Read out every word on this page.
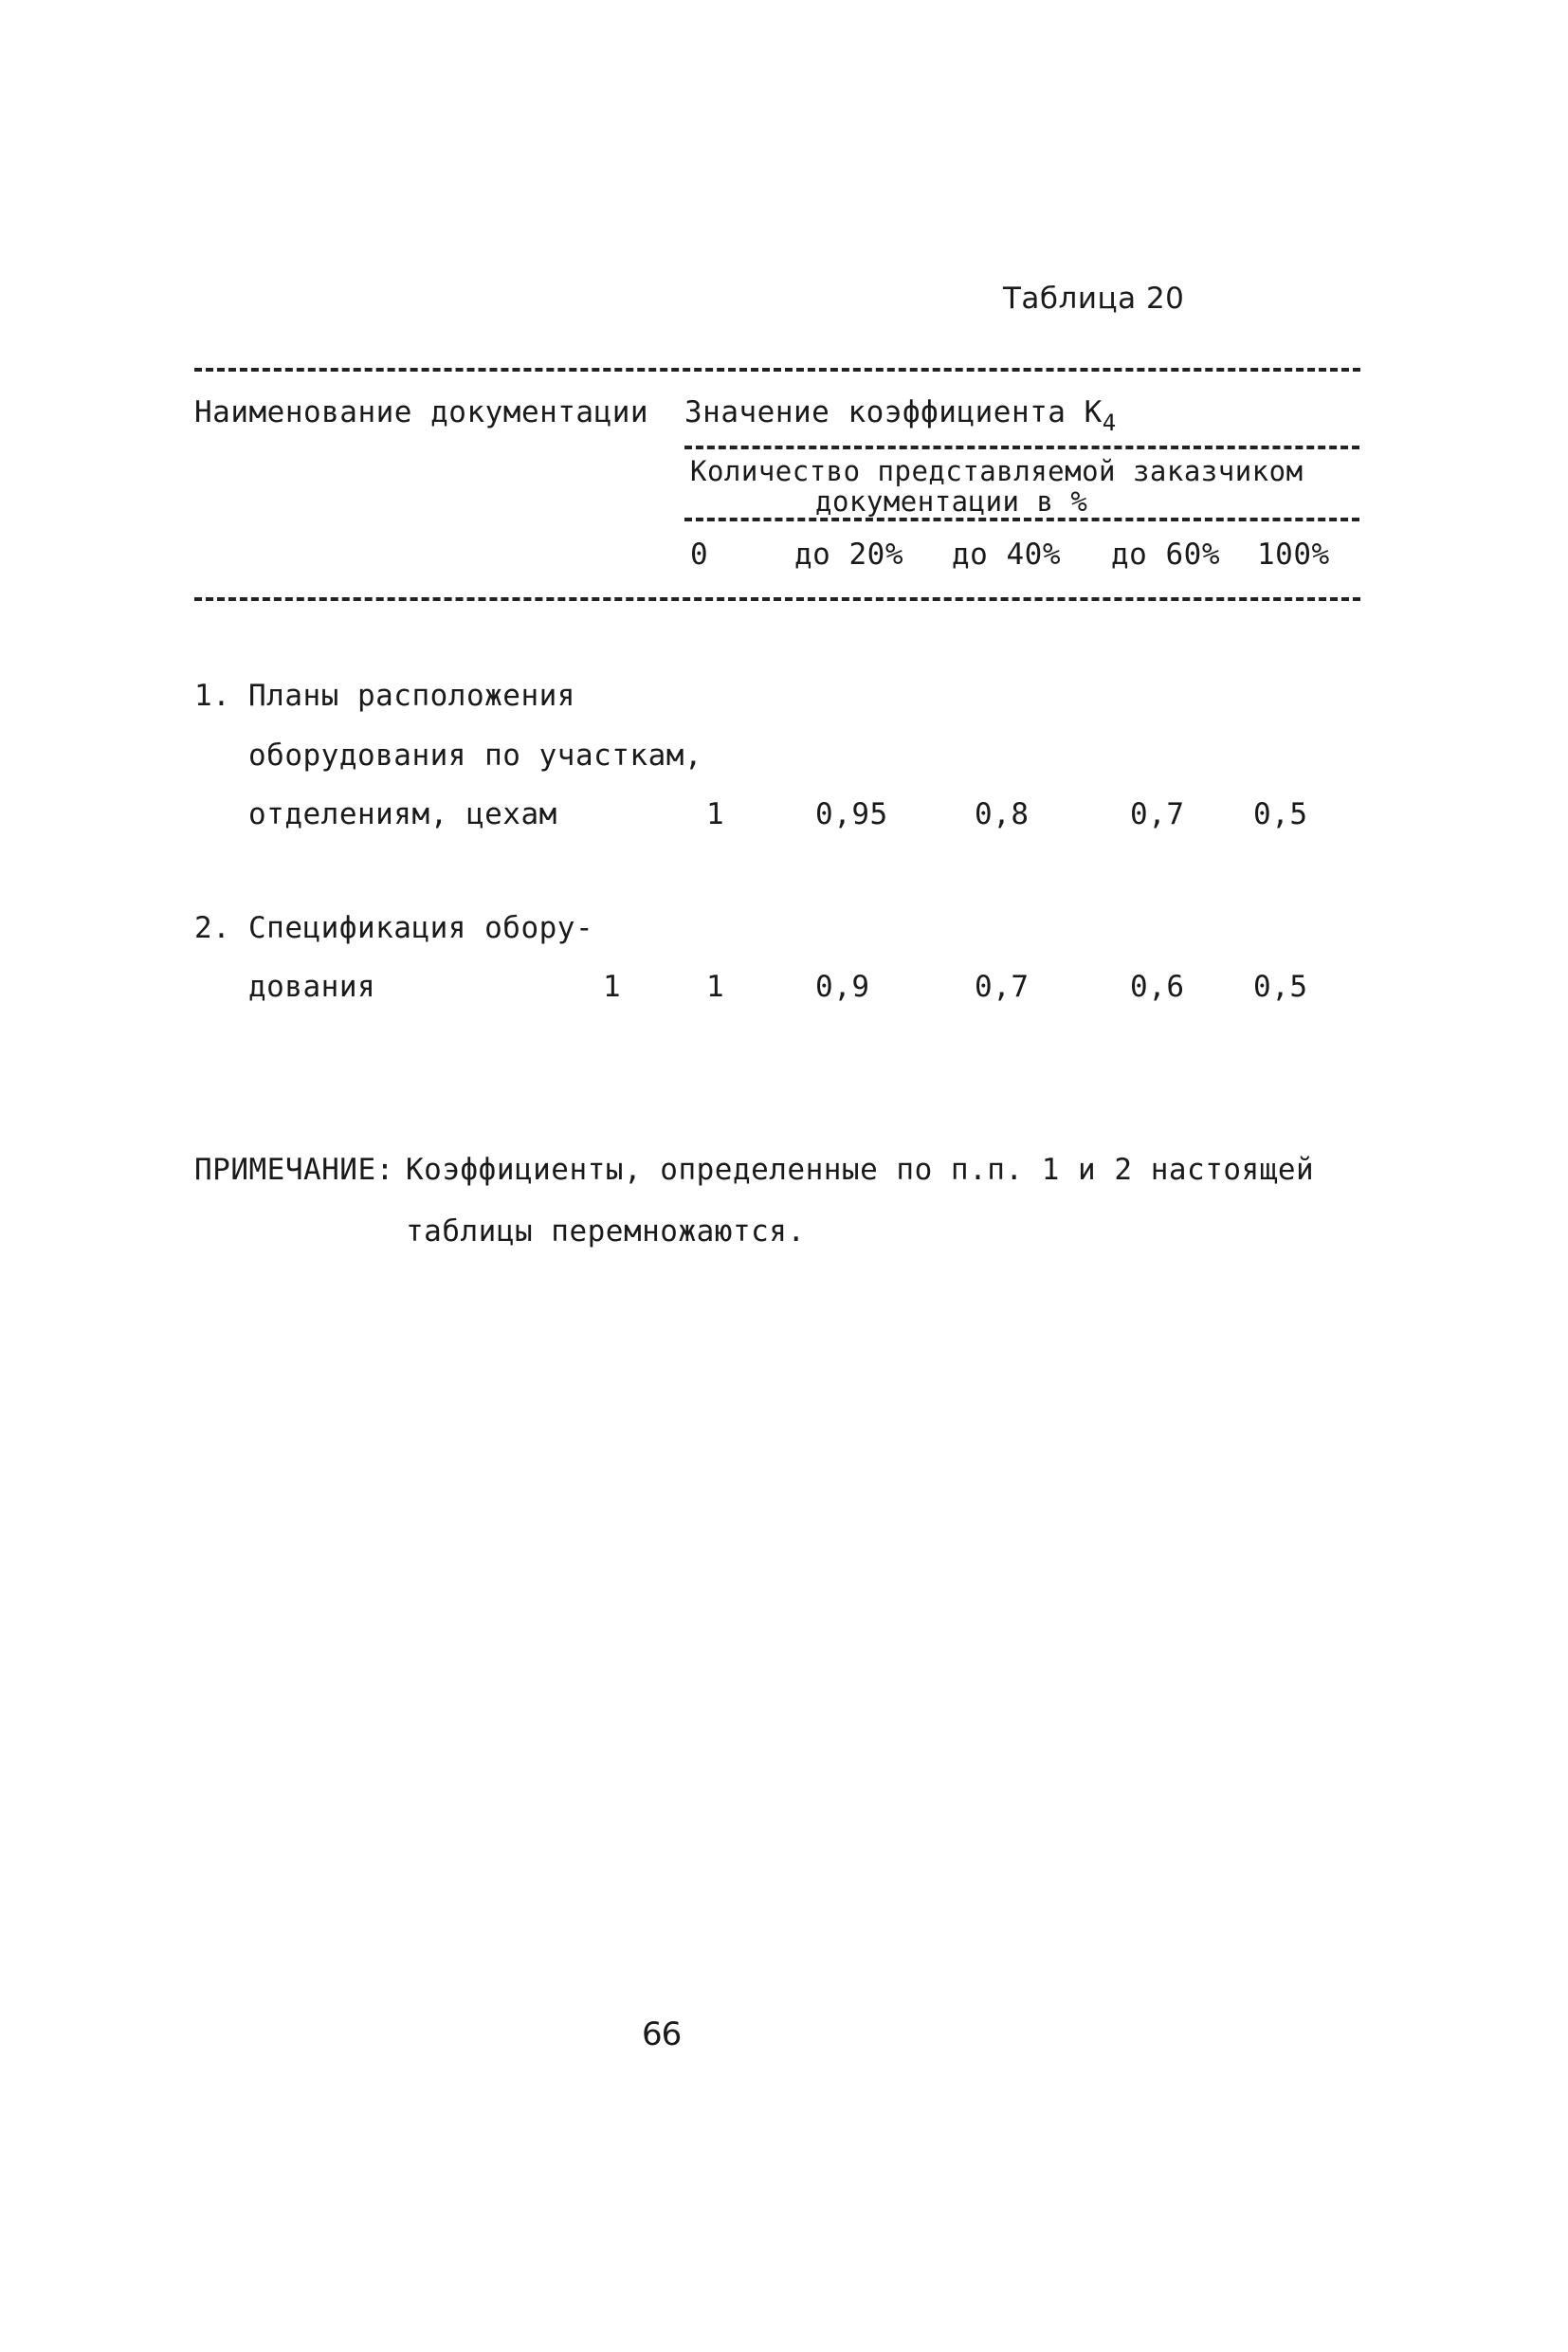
Таблица 20
Наименование документации Значение коэффициента $K_4$
Количество представляемой заказчиком
документации в %
0	до 20% до 40% до 60% 100%
1. Планы расположения
оборудования по участкам,
отделениям, цехам	1	0,95	0,8	0,7 0,5
2. Спецификация обору-
дования	1	1	0,9	0,7	0,6 0,5
ПРИМЕЧАНИЕ: Коэффициенты, определенные по п.п. 1 и 2 настоящей
таблицы перемножаются.
66
